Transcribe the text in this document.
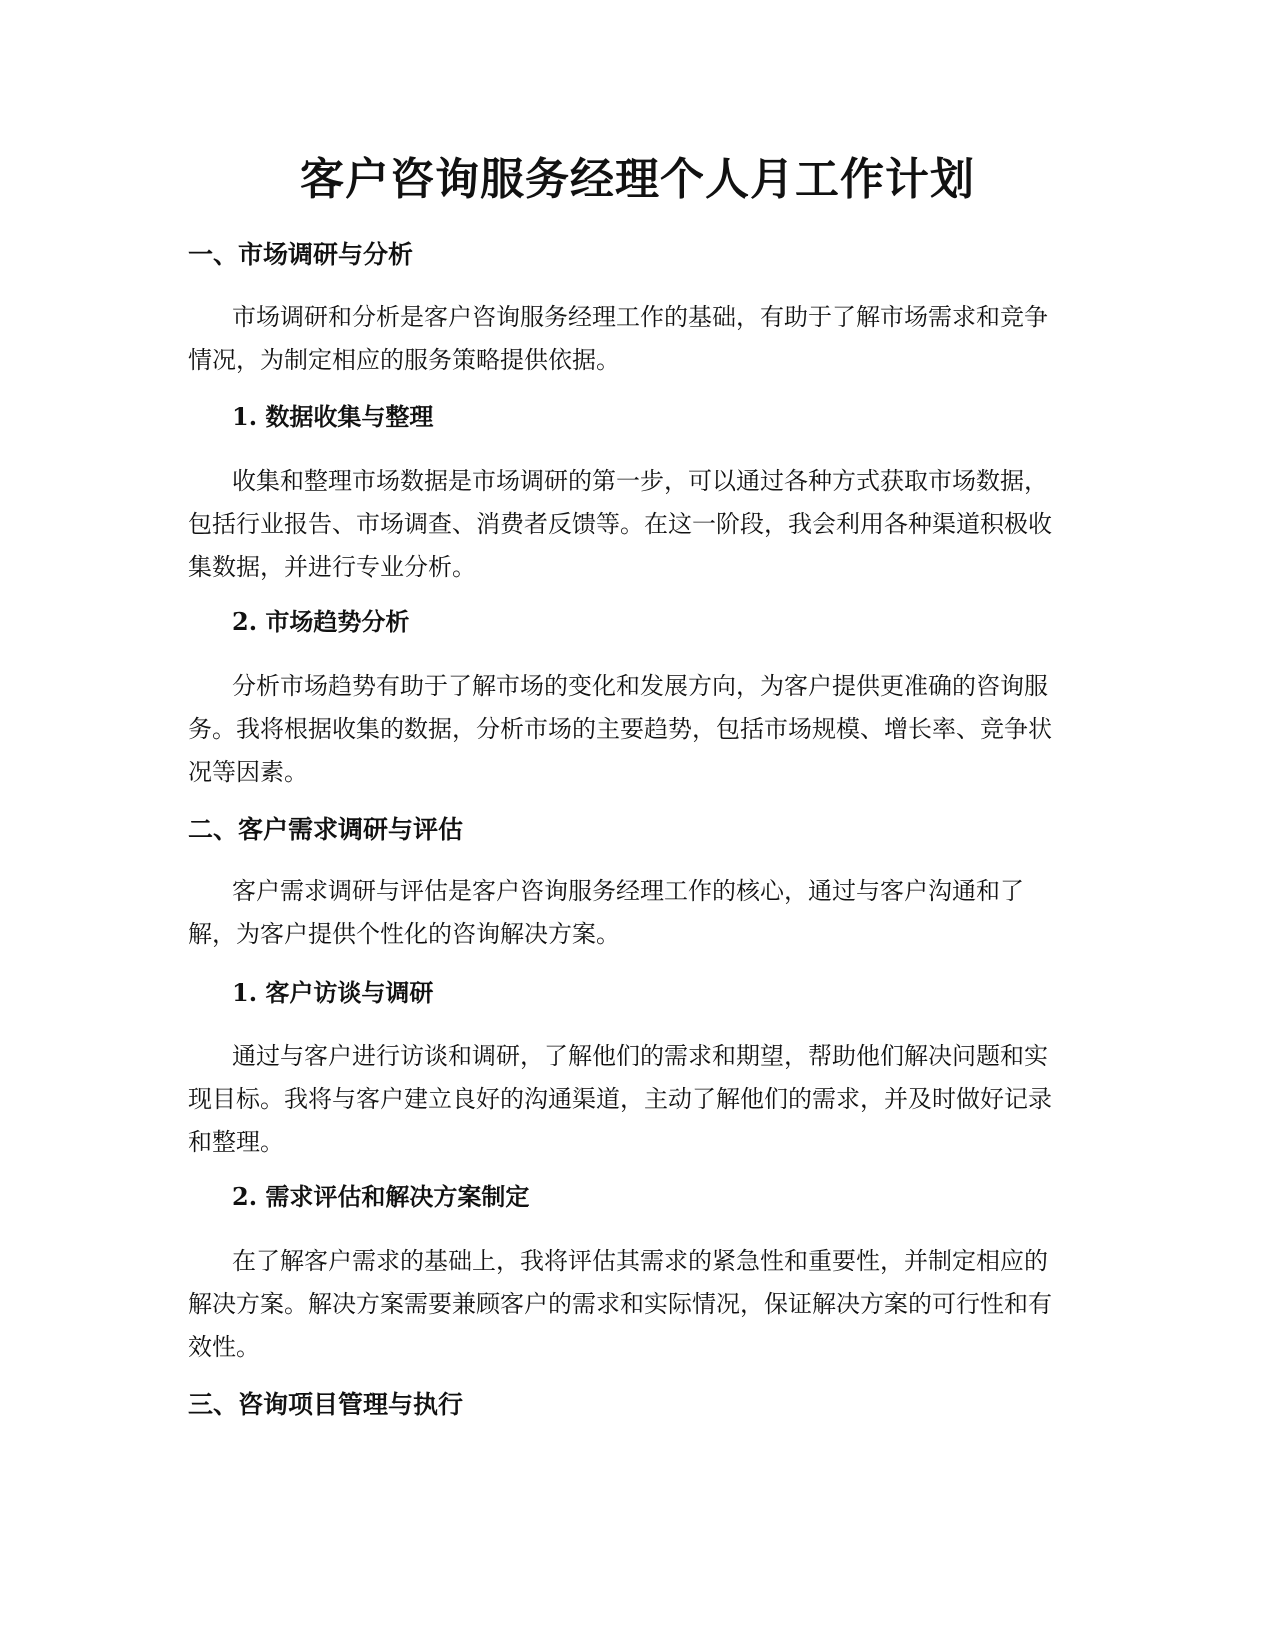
客户咨询服务经理个人月工作计划
一、市场调研与分析

市场调研和分析是客户咨询服务经理工作的基础，有助于了解市场需求和竞争
情况，为制定相应的服务策略提供依据。

1. 数据收集与整理

收集和整理市场数据是市场调研的第一步，可以通过各种方式获取市场数据，
包括行业报告、市场调查、消费者反馈等。在这一阶段，我会利用各种渠道积极收
集数据，并进行专业分析。

2. 市场趋势分析

分析市场趋势有助于了解市场的变化和发展方向，为客户提供更准确的咨询服
务。我将根据收集的数据，分析市场的主要趋势，包括市场规模、增长率、竞争状
况等因素。

二、客户需求调研与评估

客户需求调研与评估是客户咨询服务经理工作的核心，通过与客户沟通和了
解，为客户提供个性化的咨询解决方案。

1. 客户访谈与调研

通过与客户进行访谈和调研，了解他们的需求和期望，帮助他们解决问题和实
现目标。我将与客户建立良好的沟通渠道，主动了解他们的需求，并及时做好记录
和整理。

2. 需求评估和解决方案制定

在了解客户需求的基础上，我将评估其需求的紧急性和重要性，并制定相应的
解决方案。解决方案需要兼顾客户的需求和实际情况，保证解决方案的可行性和有
效性。

三、咨询项目管理与执行
